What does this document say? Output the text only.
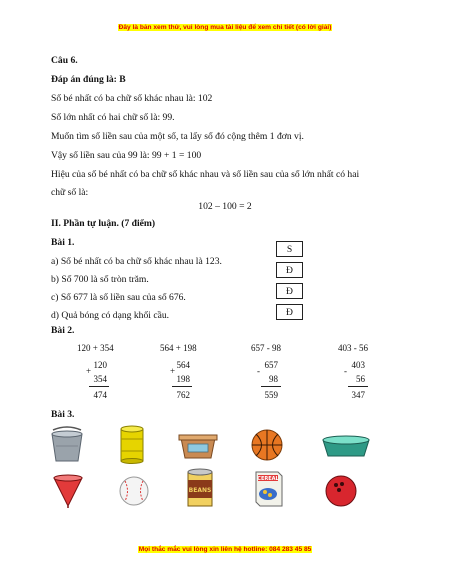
Đây là bản xem thử, vui lòng mua tài liệu để xem chi tiết (có lời giải)
Câu 6.
Đáp án đúng là: B
Số bé nhất có ba chữ số khác nhau là: 102
Số lớn nhất có hai chữ số là: 99.
Muốn tìm số liền sau của một số, ta lấy số đó cộng thêm 1 đơn vị.
Vậy số liền sau của 99 là: 99 + 1 = 100
Hiệu của số bé nhất có ba chữ số khác nhau và số liền sau của số lớn nhất có hai
chữ số là:
102 – 100 = 2
II. Phần tự luận. (7 điểm)
Bài 1.
a) Số bé nhất có ba chữ số khác nhau là 123.
b) Số 700 là số tròn trăm.
c) Số 677 là số liền sau của số 676.
d) Quả bóng có dạng khối cầu.
S
Đ
Đ
Đ
Bài 2.
120 + 354	564 + 198	657 - 98	403 - 56
120
+
354
474
564
+
198
762
657
-
98
559
403
-
56
347
Bài 3.
BEANS
CEREAL
Mọi thắc mắc vui lòng xin liên hệ hotline: 084 283 45 85
